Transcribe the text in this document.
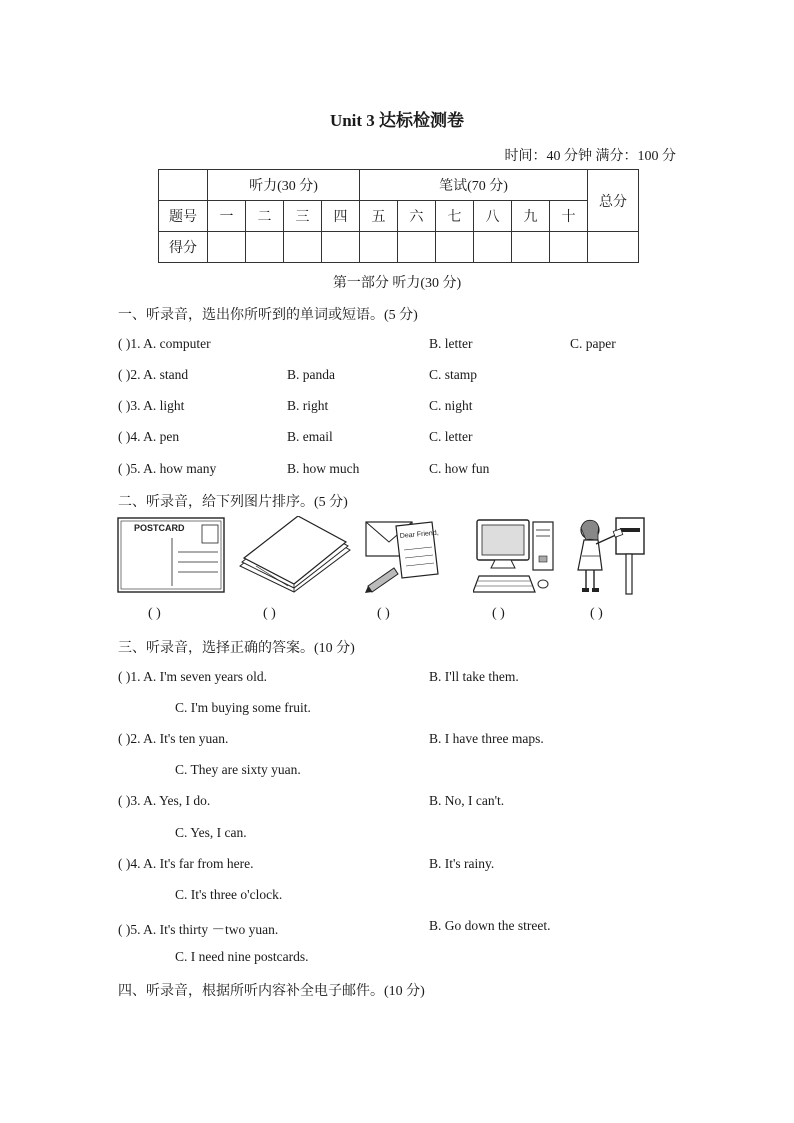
Unit 3 达标检测卷
时间：40 分钟 满分：100 分
	听力(30 分)				笔试(70 分)						总分
题号	一	二	三	四	五	六	七	八	九	十	
得分											
第一部分 听力(30 分)
一、听录音，选出你所听到的单词或短语。(5 分)
( )1. A. computer	B. letter	C. paper
( )2. A. stand	B. panda	C. stamp
( )3. A. light	B. right	C. night
( )4. A. pen	B. email	C. letter
( )5. A. how many	B. how much	C. how fun
二、听录音，给下列图片排序。(5 分)
POSTCARD
Dear Friend,
( )	( )	( )	( )	( )
三、听录音，选择正确的答案。(10 分)
( )1. A. I'm seven years old.	B. I'll take them.
C. I'm buying some fruit.
( )2. A. It's ten yuan.	B. I have three maps.
C. They are sixty yuan.
( )3. A. Yes, I do.	B. No, I can't.
C. Yes, I can.
( )4. A. It's far from here.	B. It's rainy.
C. It's three o'clock.
( )5. A. It's thirty －two yuan.	B. Go down the street.
C. I need nine postcards.
四、听录音，根据所听内容补全电子邮件。(10 分)
